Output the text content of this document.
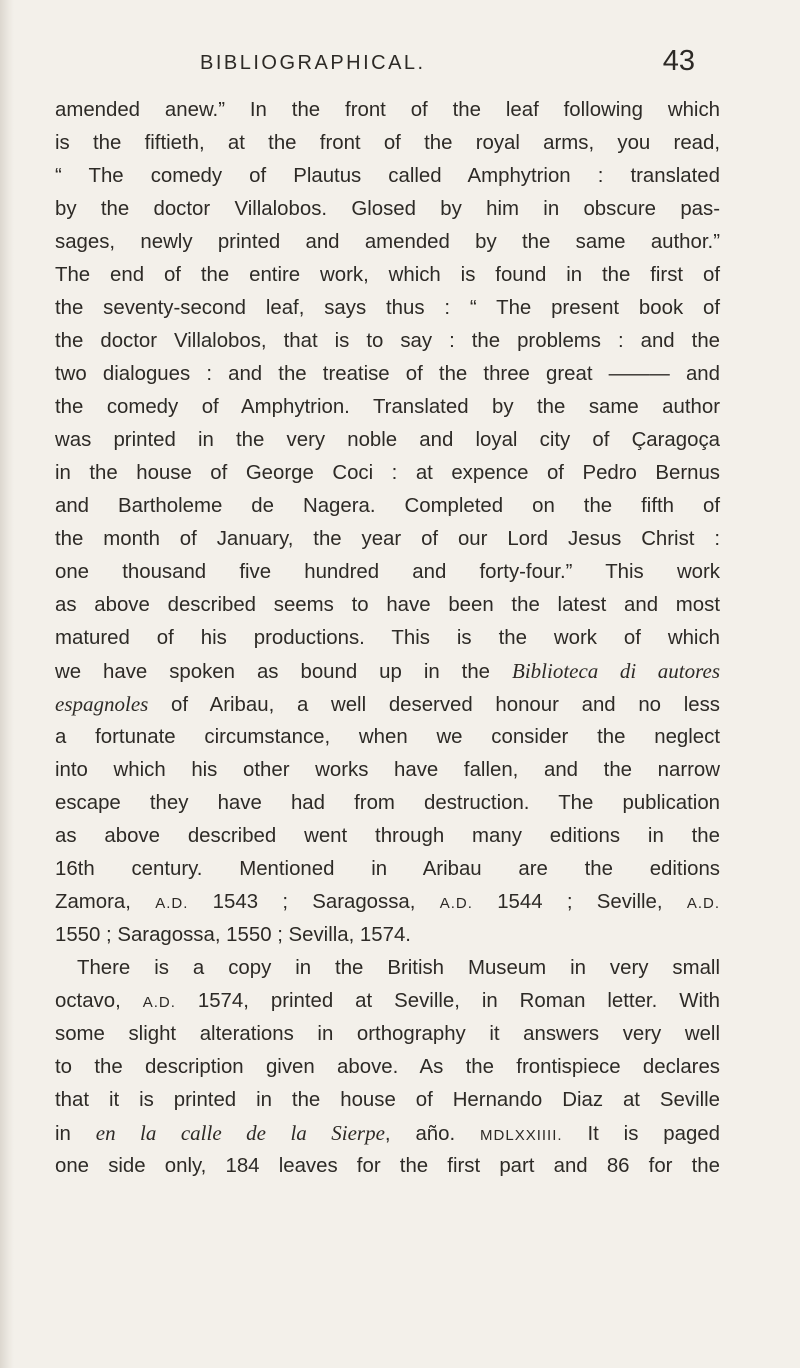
BIBLIOGRAPHICAL.	43
amended anew.” In the front of the leaf following which
is the fiftieth, at the front of the royal arms, you read,
“ The comedy of Plautus called Amphytrion : translated
by the doctor Villalobos. Glosed by him in obscure pas-
sages, newly printed and amended by the same author.”
The end of the entire work, which is found in the first of
the seventy-second leaf, says thus : “ The present book of
the doctor Villalobos, that is to say : the problems : and the
two dialogues : and the treatise of the three great ——— and
the comedy of Amphytrion. Translated by the same author
was printed in the very noble and loyal city of Çaragoça
in the house of George Coci : at expence of Pedro Bernus
and Bartholeme de Nagera. Completed on the fifth of
the month of January, the year of our Lord Jesus Christ :
one thousand five hundred and forty-four.” This work
as above described seems to have been the latest and most
matured of his productions. This is the work of which
we have spoken as bound up in the Biblioteca di autores
espagnoles of Aribau, a well deserved honour and no less
a fortunate circumstance, when we consider the neglect
into which his other works have fallen, and the narrow
escape they have had from destruction. The publication
as above described went through many editions in the
16th century. Mentioned in Aribau are the editions
Zamora, A.D. 1543 ; Saragossa, A.D. 1544 ; Seville, A.D.
1550 ; Saragossa, 1550 ; Sevilla, 1574.
There is a copy in the British Museum in very small
octavo, A.D. 1574, printed at Seville, in Roman letter. With
some slight alterations in orthography it answers very well
to the description given above. As the frontispiece declares
that it is printed in the house of Hernando Diaz at Seville
in en la calle de la Sierpe, año. MDLXXIIII. It is paged
one side only, 184 leaves for the first part and 86 for the
